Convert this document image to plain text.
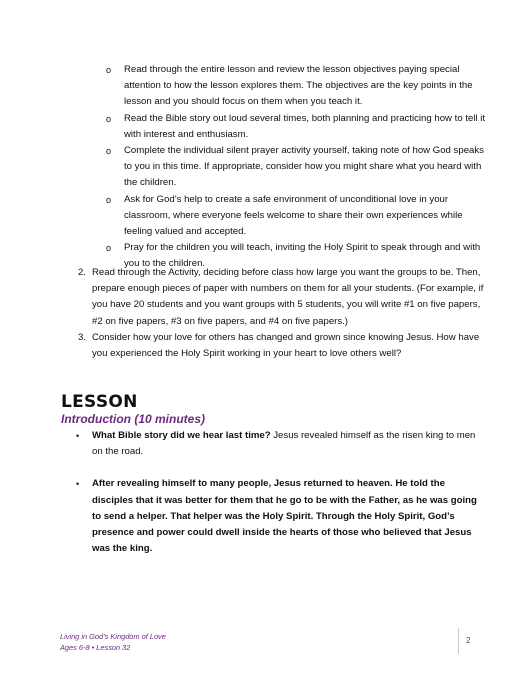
o Read through the entire lesson and review the lesson objectives paying special attention to how the lesson explores them. The objectives are the key points in the lesson and you should focus on them when you teach it.
o Read the Bible story out loud several times, both planning and practicing how to tell it with interest and enthusiasm.
o Complete the individual silent prayer activity yourself, taking note of how God speaks to you in this time. If appropriate, consider how you might share what you heard with the children.
o Ask for God’s help to create a safe environment of unconditional love in your classroom, where everyone feels welcome to share their own experiences while feeling valued and accepted.
o Pray for the children you will teach, inviting the Holy Spirit to speak through and with you to the children.
2. Read through the Activity, deciding before class how large you want the groups to be. Then, prepare enough pieces of paper with numbers on them for all your students. (For example, if you have 20 students and you want groups with 5 students, you will write #1 on five papers, #2 on five papers, #3 on five papers, and #4 on five papers.)
3. Consider how your love for others has changed and grown since knowing Jesus. How have you experienced the Holy Spirit working in your heart to love others well?
LESSON
Introduction (10 minutes)
• What Bible story did we hear last time? Jesus revealed himself as the risen king to men on the road.
• After revealing himself to many people, Jesus returned to heaven. He told the disciples that it was better for them that he go to be with the Father, as he was going to send a helper. That helper was the Holy Spirit. Through the Holy Spirit, God’s presence and power could dwell inside the hearts of those who believed that Jesus was the king.
Living in God’s Kingdom of Love
Ages 6-8 • Lesson 32
2
